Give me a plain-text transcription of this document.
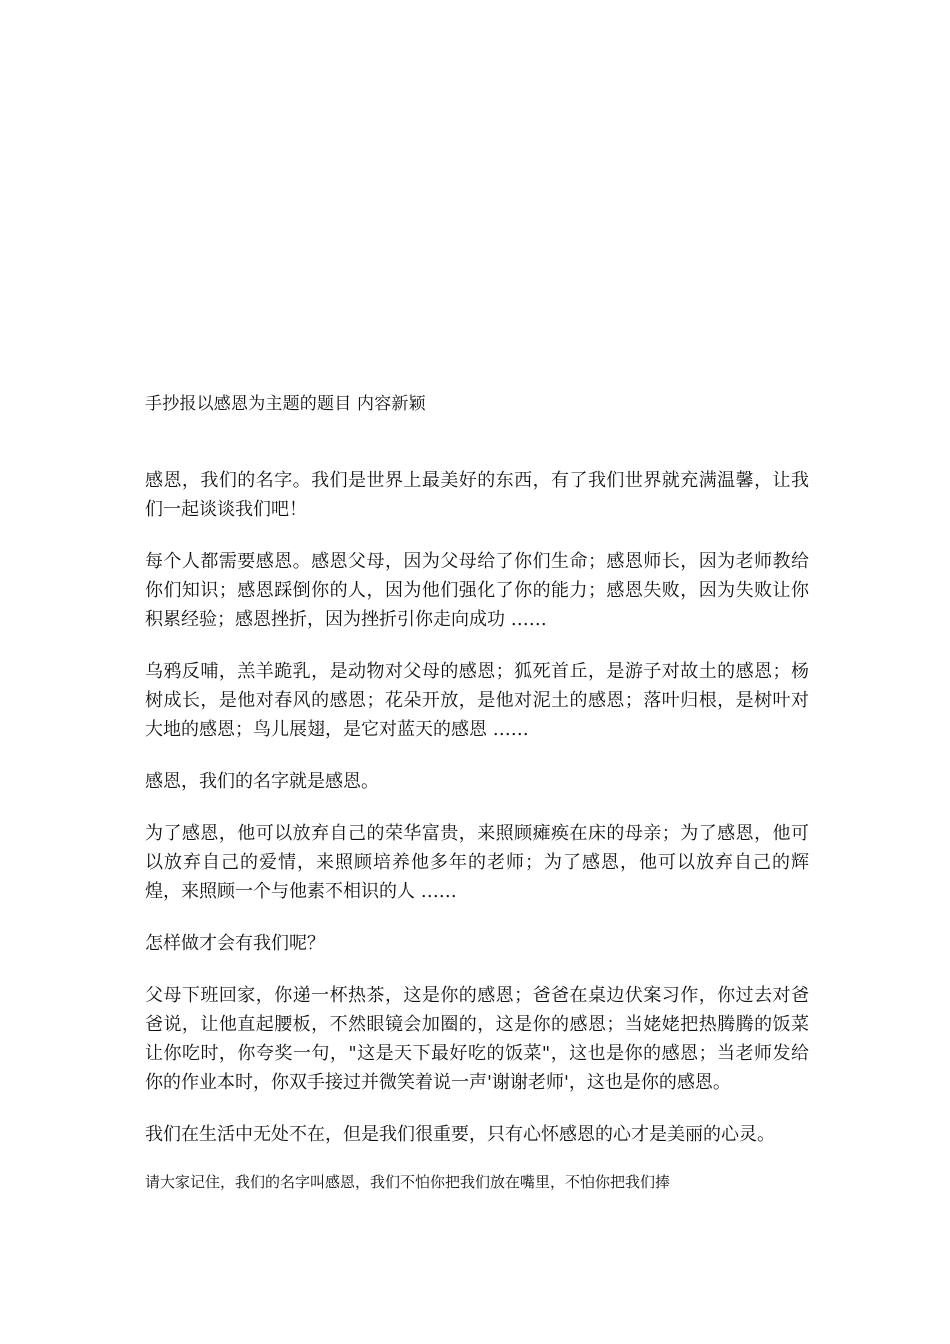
手抄报以感恩为主题的题目 内容新颖

感恩，我们的名字。我们是世界上最美好的东西，有了我们世界就充满温馨，让我们一起谈谈我们吧！

每个人都需要感恩。感恩父母，因为父母给了你们生命；感恩师长，因为老师教给你们知识；感恩踩倒你的人，因为他们强化了你的能力；感恩失败，因为失败让你积累经验；感恩挫折，因为挫折引你走向成功 ……

乌鸦反哺，羔羊跪乳，是动物对父母的感恩；狐死首丘，是游子对故土的感恩；杨树成长，是他对春风的感恩；花朵开放，是他对泥土的感恩；落叶归根，是树叶对大地的感恩；鸟儿展翅，是它对蓝天的感恩 ……

感恩，我们的名字就是感恩。

为了感恩，他可以放弃自己的荣华富贵，来照顾瘫痪在床的母亲；为了感恩，他可以放弃自己的爱情，来照顾培养他多年的老师；为了感恩，他可以放弃自己的辉煌，来照顾一个与他素不相识的人 ……

怎样做才会有我们呢？

父母下班回家，你递一杯热茶，这是你的感恩；爸爸在桌边伏案习作，你过去对爸爸说，让他直起腰板，不然眼镜会加圈的，这是你的感恩；当姥姥把热腾腾的饭菜让你吃时，你夸奖一句，"这是天下最好吃的饭菜"，这也是你的感恩；当老师发给你的作业本时，你双手接过并微笑着说一声'谢谢老师'，这也是你的感恩。

我们在生活中无处不在，但是我们很重要，只有心怀感恩的心才是美丽的心灵。

请大家记住，我们的名字叫感恩，我们不怕你把我们放在嘴里，不怕你把我们捧
